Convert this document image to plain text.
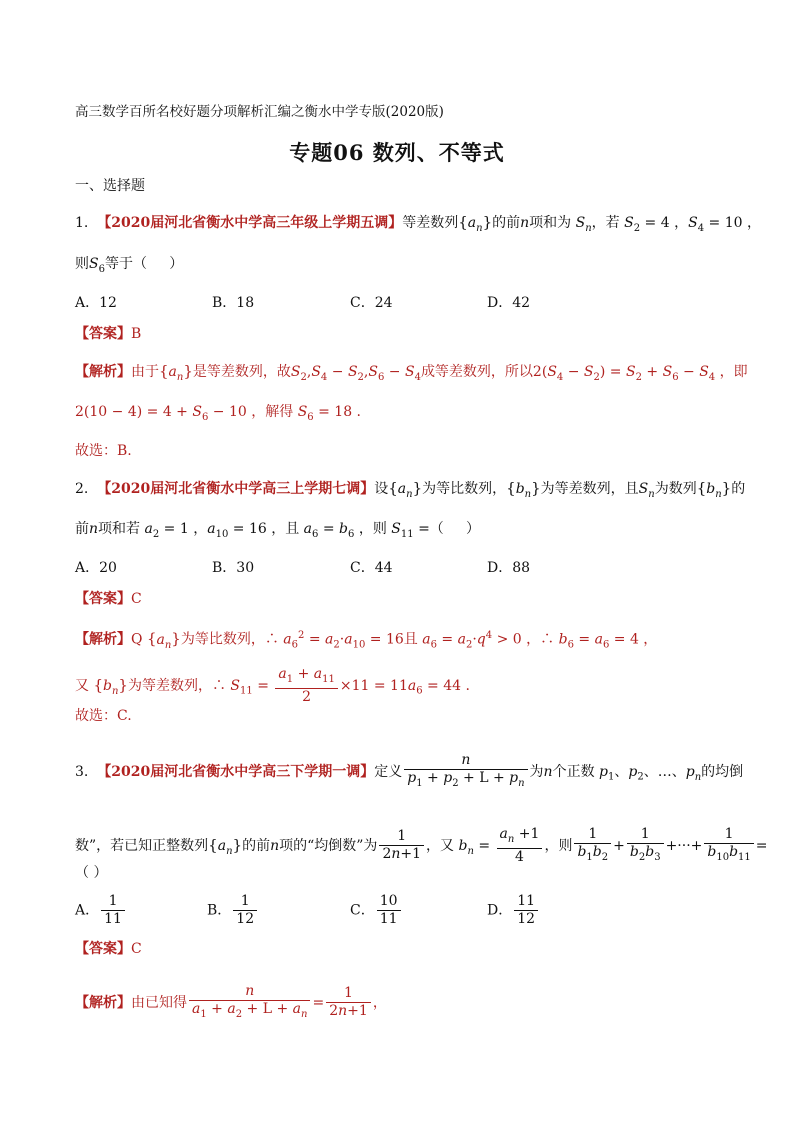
高三数学百所名校好题分项解析汇编之衡水中学专版(2020版)
专题06 数列、不等式
一、选择题
1. 【2020届河北省衡水中学高三年级上学期五调】等差数列$\{a_n\}$的前n项和为 $S_n$，若 $S_2 = 4$ ，$S_4 = 10$ ，
则$S_6$等于（     ）
A．12	B．18	C．24	D．42
【答案】B
【解析】由于$\{a_n\}$是等差数列，故$S_2,S_4 - S_2,S_6 - S_4$成等差数列，所以$2(S_4 - S_2) = S_2 + S_6 - S_4$ ，即
$2(10 - 4) = 4 + S_6 - 10$ ，解得 $S_6 = 18$ .
故选：B.
2. 【2020届河北省衡水中学高三上学期七调】设$\{a_n\}$为等比数列，$\{b_n\}$为等差数列，且$S_n$为数列$\{b_n\}$的
前n项和若 $a_2 = 1$ ，$a_{10} = 16$ ，且 $a_6 = b_6$ ，则 $S_{11}$ =（     ）
A．20	B．30	C．44	D．88
【答案】C
【解析】Q $\{a_n\}$为等比数列，∴ $a_6^2 = a_2\cdot a_{10} = 16$且 $a_6 = a_2\cdot q^4 > 0$ ，∴ $b_6 = a_6 = 4$ ，
又 $\{b_n\}$为等差数列，∴ $S_{11} = \frac{a_1 + a_{11}}{2} \times 11 = 11a_6 = 44$ .
故选：C.
3. 【2020届河北省衡水中学高三下学期一调】定义 $\frac{n}{p_1 + p_2 + L + p_n}$ 为n个正数 $p_1$、$p_2$、…、$p_n$的均倒
数”，若已知正整数列$\{a_n\}$的前n项的“均倒数”为 $\frac{1}{2n+1}$ ，又 $b_n = \frac{a_n +1}{4}$ ，则 $\frac{1}{b_1b_2} + \frac{1}{b_2b_3}$ +···+ $\frac{1}{b_{10}b_{11}}$ =
（ ）
A． $\frac{1}{11}$	B． $\frac{1}{12}$	C． $\frac{10}{11}$	D． $\frac{11}{12}$
【答案】C
【解析】由已知得 $\frac{n}{a_1 + a_2 + L + a_n} = \frac{1}{2n+1}$ ，
